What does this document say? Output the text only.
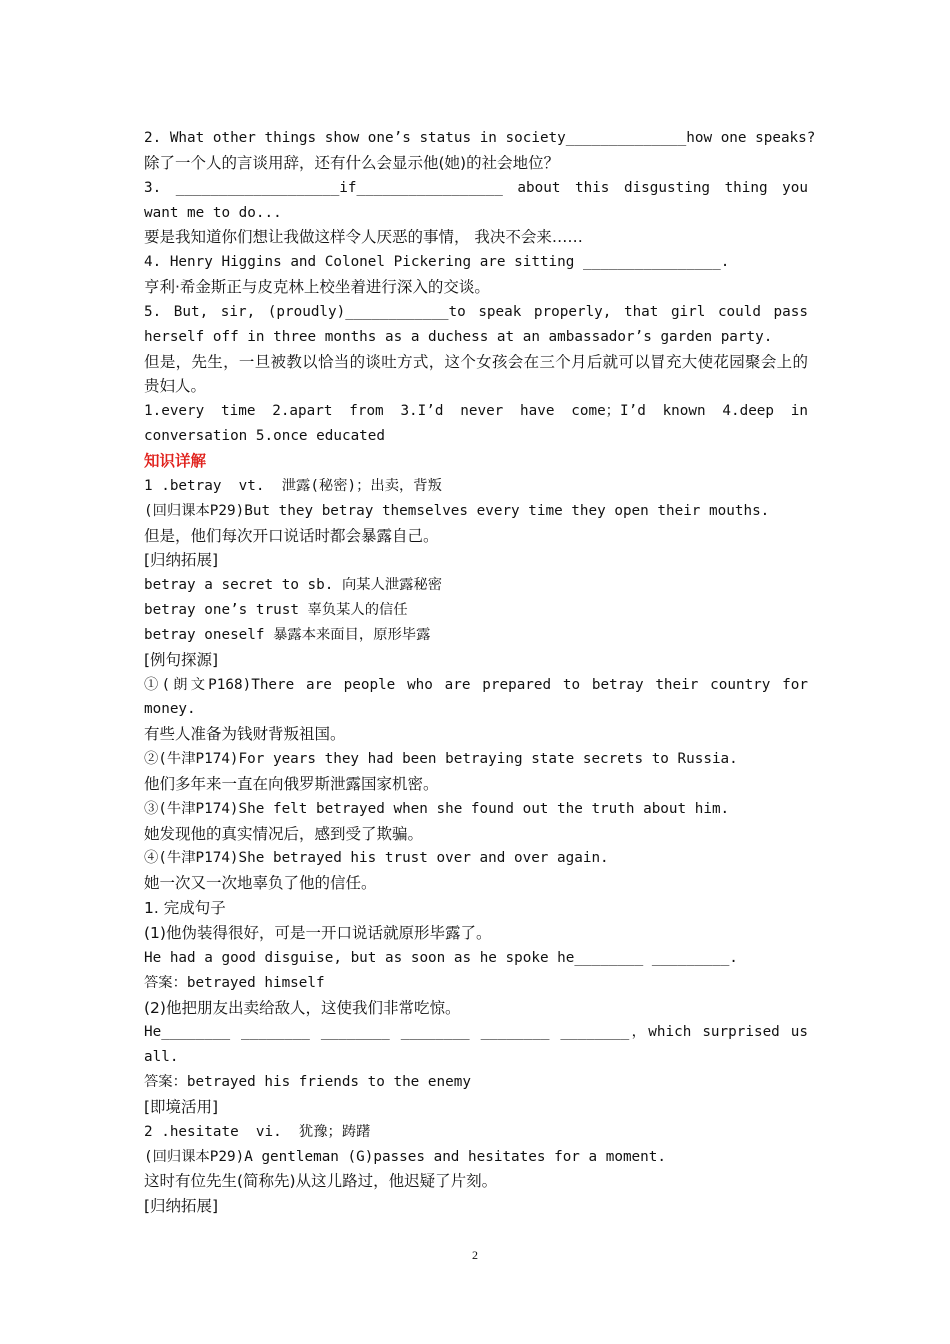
2. What other things show one’s status in society______________how one speaks?
除了一个人的言谈用辞，还有什么会显示他(她)的社会地位？
3. ___________________if_________________ about this disgusting thing you want me to do...
要是我知道你们想让我做这样令人厌恶的事情， 我决不会来……
4. Henry Higgins and Colonel Pickering are sitting ________________.
亨利·希金斯正与皮克林上校坐着进行深入的交谈。
5. But, sir, (proudly)____________to speak properly, that girl could pass herself off in three months as a duchess at an ambassador’s garden party.
但是，先生，一旦被教以恰当的谈吐方式，这个女孩会在三个月后就可以冒充大使花园聚会上的贵妇人。
1.every time 2.apart from 3.I’d never have come；I’d known 4.deep in conversation 5.once educated
知识详解
1 .betray  vt.  泄露(秘密)；出卖，背叛
(回归课本P29)But they betray themselves every time they open their mouths.
但是，他们每次开口说话时都会暴露自己。
[归纳拓展]
betray a secret to sb. 向某人泄露秘密
betray one’s trust 辜负某人的信任
betray oneself 暴露本来面目，原形毕露
[例句探源]
①(朗文P168)There are people who are prepared to betray their country for money.
有些人准备为钱财背叛祖国。
②(牛津P174)For years they had been betraying state secrets to Russia.
他们多年来一直在向俄罗斯泄露国家机密。
③(牛津P174)She felt betrayed when she found out the truth about him.
她发现他的真实情况后，感到受了欺骗。
④(牛津P174)She betrayed his trust over and over again.
她一次又一次地辜负了他的信任。
1. 完成句子
(1)他伪装得很好，可是一开口说话就原形毕露了。
He had a good disguise, but as soon as he spoke he________ _________.
答案：betrayed himself
(2)他把朋友出卖给敌人，这使我们非常吃惊。
He________ ________ ________ ________ ________ ________，which surprised us all.
答案：betrayed his friends to the enemy
[即境活用]
2 .hesitate  vi.  犹豫；踌躇
(回归课本P29)A gentleman (G)passes and hesitates for a moment.
这时有位先生(简称先)从这儿路过，他迟疑了片刻。
[归纳拓展]
2
